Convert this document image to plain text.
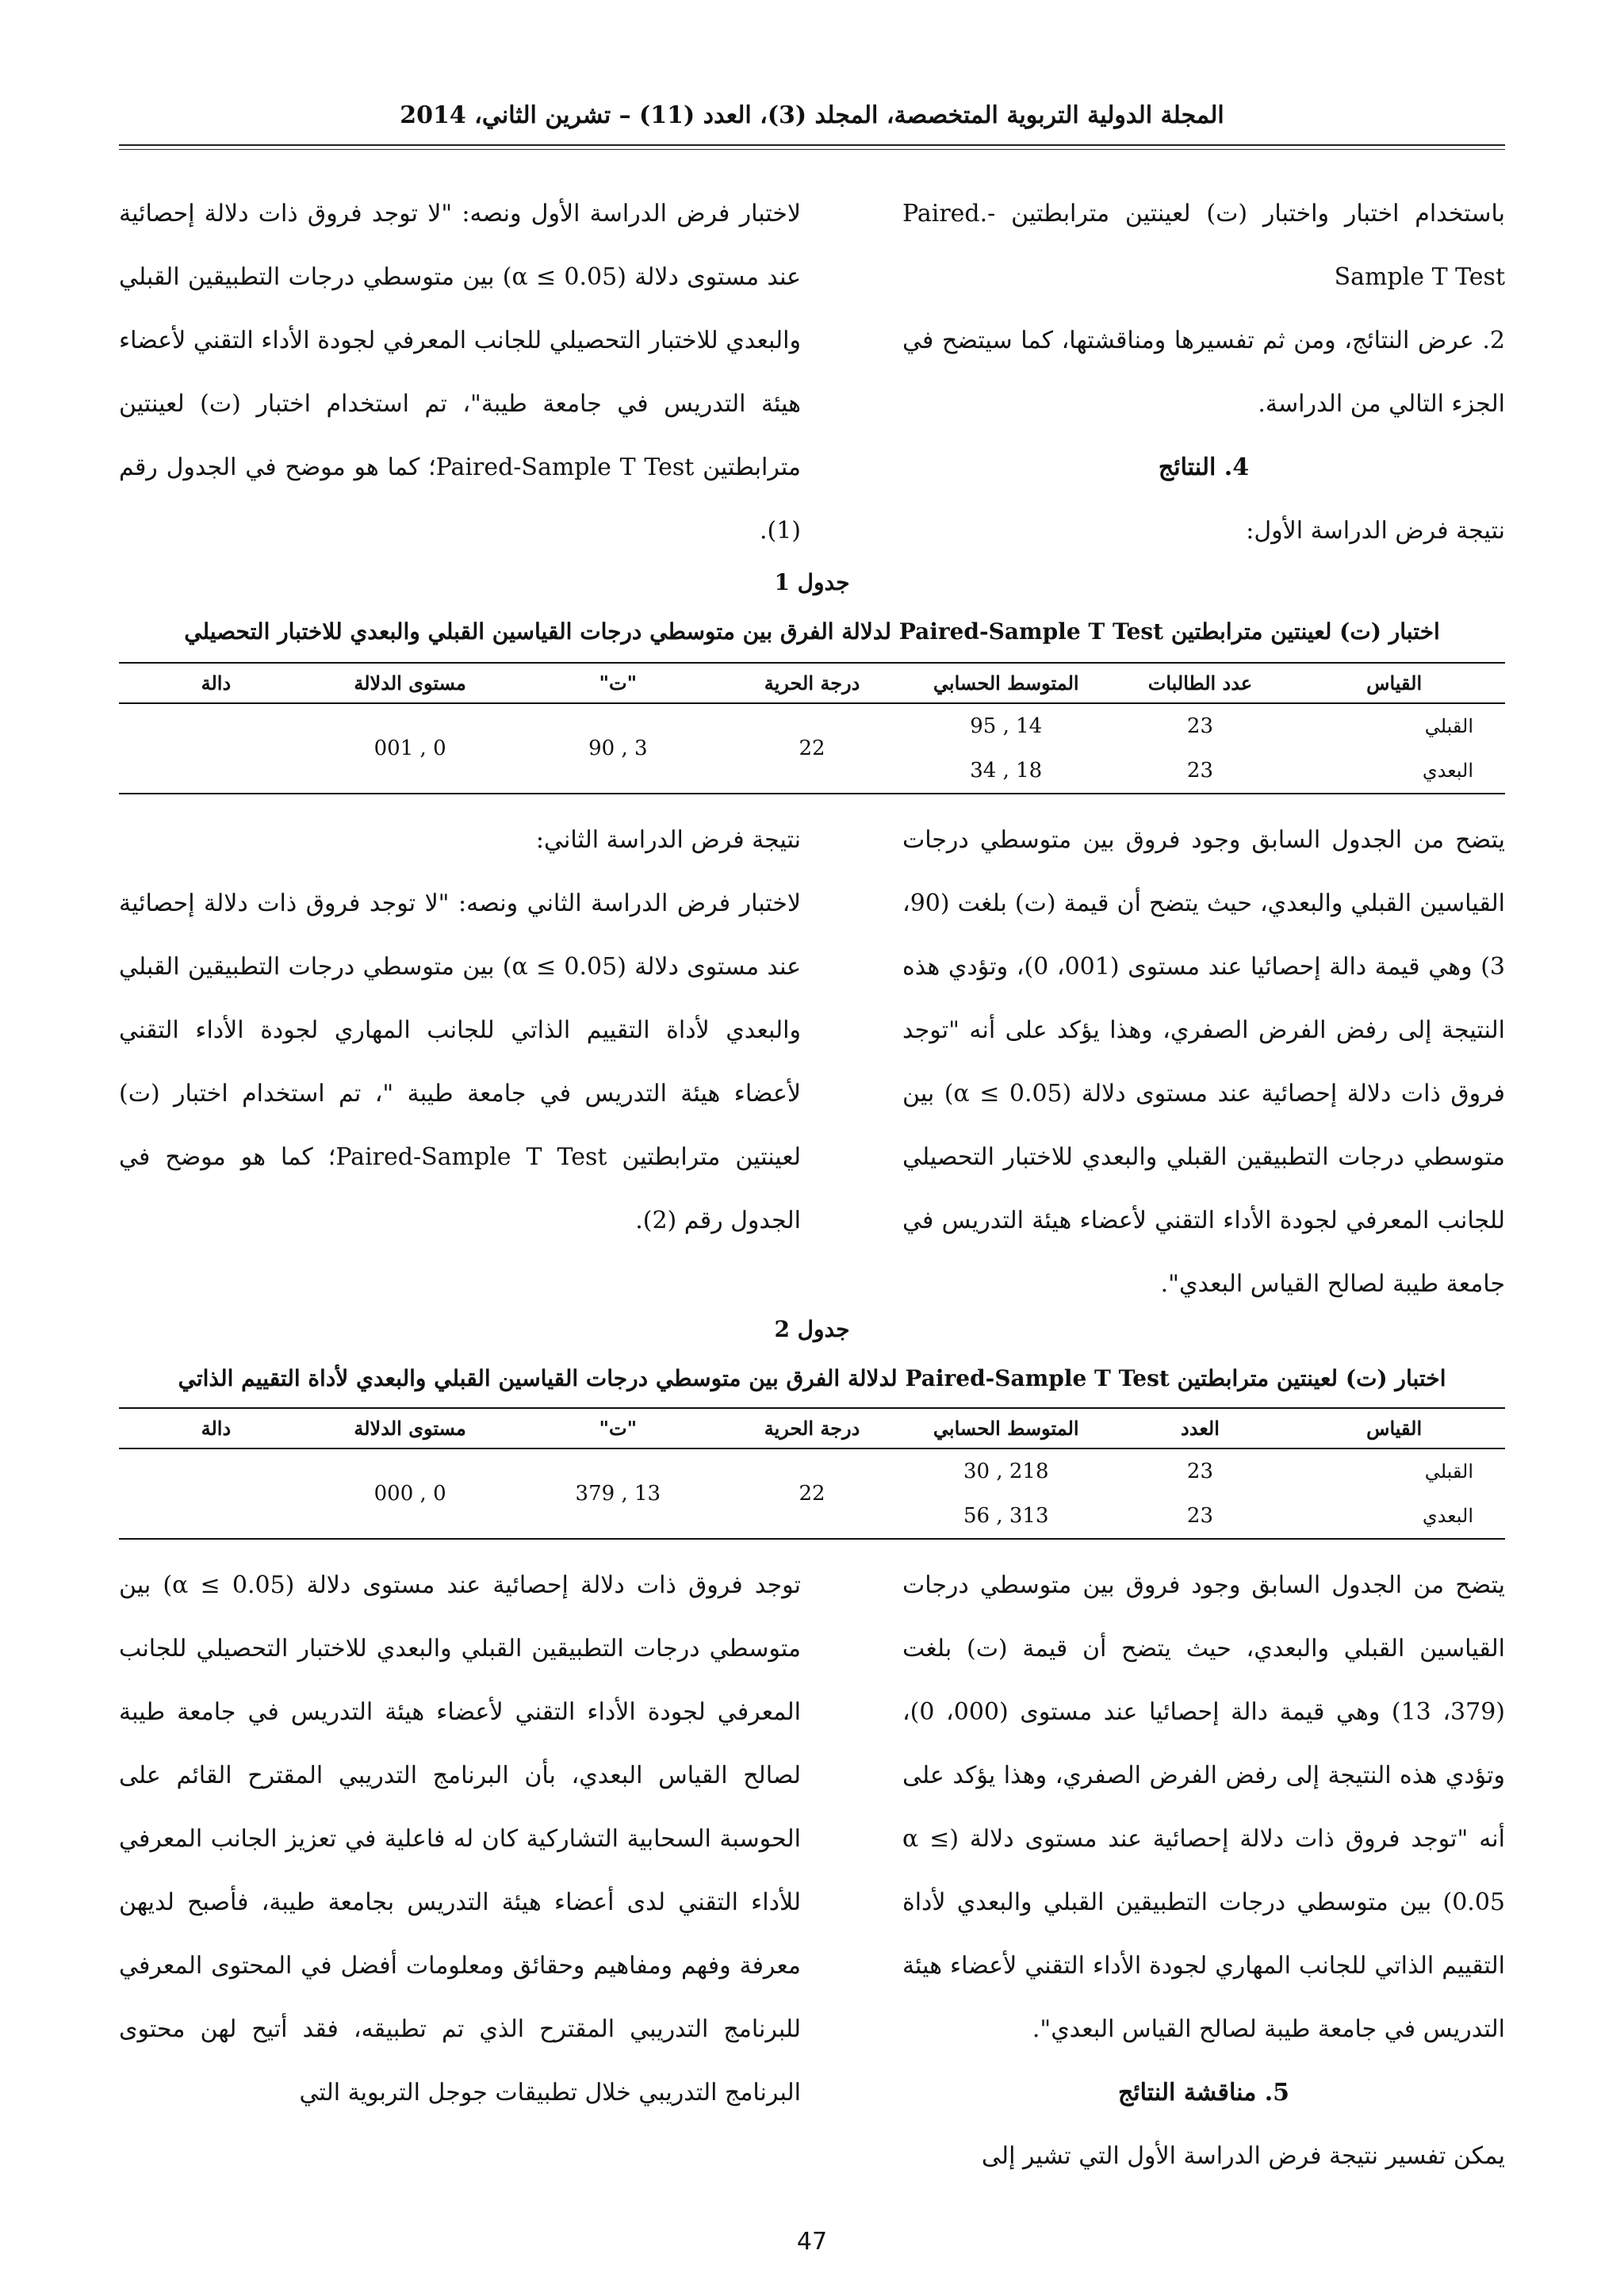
المجلة الدولية التربوية المتخصصة، المجلد (3)، العدد (11) – تشرين الثاني، 2014

باستخدام اختبار واختبار (ت) لعينتين مترابطتين -Paired. Sample T Test

2. عرض النتائج، ومن ثم تفسيرها ومناقشتها، كما سيتضح في الجزء التالي من الدراسة.

4. النتائج

نتيجة فرض الدراسة الأول:

لاختبار فرض الدراسة الأول ونصه: "لا توجد فروق ذات دلالة إحصائية عند مستوى دلالة (α ≤ 0.05) بين متوسطي درجات التطبيقين القبلي والبعدي للاختبار التحصيلي للجانب المعرفي لجودة الأداء التقني لأعضاء هيئة التدريس في جامعة طيبة"، تم استخدام اختبار (ت) لعينتين مترابطتين Paired-Sample T Test؛ كما هو موضح في الجدول رقم (1).

جدول 1
اختبار (ت) لعينتين مترابطتين Paired-Sample T Test لدلالة الفرق بين متوسطي درجات القياسين القبلي والبعدي للاختبار التحصيلي
القياس	عدد الطالبات	المتوسط الحسابي	درجة الحرية	"ت"	مستوى الدلالة	دالة
القبلي	23	14 , 95	22	3 , 90	0 , 001	
البعدي	23	18 , 34				

يتضح من الجدول السابق وجود فروق بين متوسطي درجات القياسين القبلي والبعدي، حيث يتضح أن قيمة (ت) بلغت (90، 3) وهي قيمة دالة إحصائيا عند مستوى (001، 0)، وتؤدي هذه النتيجة إلى رفض الفرض الصفري، وهذا يؤكد على أنه "توجد فروق ذات دلالة إحصائية عند مستوى دلالة (α ≤ 0.05) بين متوسطي درجات التطبيقين القبلي والبعدي للاختبار التحصيلي للجانب المعرفي لجودة الأداء التقني لأعضاء هيئة التدريس في جامعة طيبة لصالح القياس البعدي".

نتيجة فرض الدراسة الثاني:

لاختبار فرض الدراسة الثاني ونصه: "لا توجد فروق ذات دلالة إحصائية عند مستوى دلالة (α ≤ 0.05) بين متوسطي درجات التطبيقين القبلي والبعدي لأداة التقييم الذاتي للجانب المهاري لجودة الأداء التقني لأعضاء هيئة التدريس في جامعة طيبة "، تم استخدام اختبار (ت) لعينتين مترابطتين Paired-Sample T Test؛ كما هو موضح في الجدول رقم (2).

جدول 2
اختبار (ت) لعينتين مترابطتين Paired-Sample T Test لدلالة الفرق بين متوسطي درجات القياسين القبلي والبعدي لأداة التقييم الذاتي
القياس	العدد	المتوسط الحسابي	درجة الحرية	"ت"	مستوى الدلالة	دالة
القبلي	23	218 , 30	22	13 , 379	0 , 000	
البعدي	23	313 , 56				

يتضح من الجدول السابق وجود فروق بين متوسطي درجات القياسين القبلي والبعدي، حيث يتضح أن قيمة (ت) بلغت (379، 13) وهي قيمة دالة إحصائيا عند مستوى (000، 0)، وتؤدي هذه النتيجة إلى رفض الفرض الصفري، وهذا يؤكد على أنه "توجد فروق ذات دلالة إحصائية عند مستوى دلالة (α ≤ 0.05) بين متوسطي درجات التطبيقين القبلي والبعدي لأداة التقييم الذاتي للجانب المهاري لجودة الأداء التقني لأعضاء هيئة التدريس في جامعة طيبة لصالح القياس البعدي".

5. مناقشة النتائج

يمكن تفسير نتيجة فرض الدراسة الأول التي تشير إلى

توجد فروق ذات دلالة إحصائية عند مستوى دلالة (α ≤ 0.05) بين متوسطي درجات التطبيقين القبلي والبعدي للاختبار التحصيلي للجانب المعرفي لجودة الأداء التقني لأعضاء هيئة التدريس في جامعة طيبة لصالح القياس البعدي، بأن البرنامج التدريبي المقترح القائم على الحوسبة السحابية التشاركية كان له فاعلية في تعزيز الجانب المعرفي للأداء التقني لدى أعضاء هيئة التدريس بجامعة طيبة، فأصبح لديهن معرفة وفهم ومفاهيم وحقائق ومعلومات أفضل في المحتوى المعرفي للبرنامج التدريبي المقترح الذي تم تطبيقه، فقد أتيح لهن محتوى البرنامج التدريبي خلال تطبيقات جوجل التربوية التي

47
